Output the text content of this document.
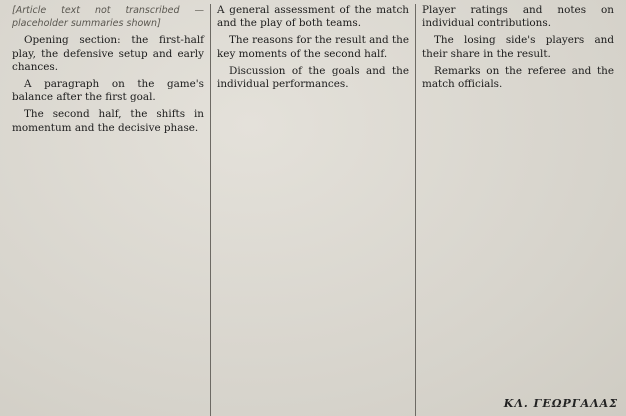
[Article text not transcribed — placeholder summaries shown]

Opening section: the first-half play, the defensive setup and early chances.

A paragraph on the game's balance after the first goal.

The second half, the shifts in momentum and the decisive phase.

A general assessment of the match and the play of both teams.

The reasons for the result and the key moments of the second half.

Discussion of the goals and the individual performances.

Player ratings and notes on individual contributions.

The losing side's players and their share in the result.

Remarks on the referee and the match officials.

ΚΛ. ΓΕΩΡΓΑΛΑΣ
